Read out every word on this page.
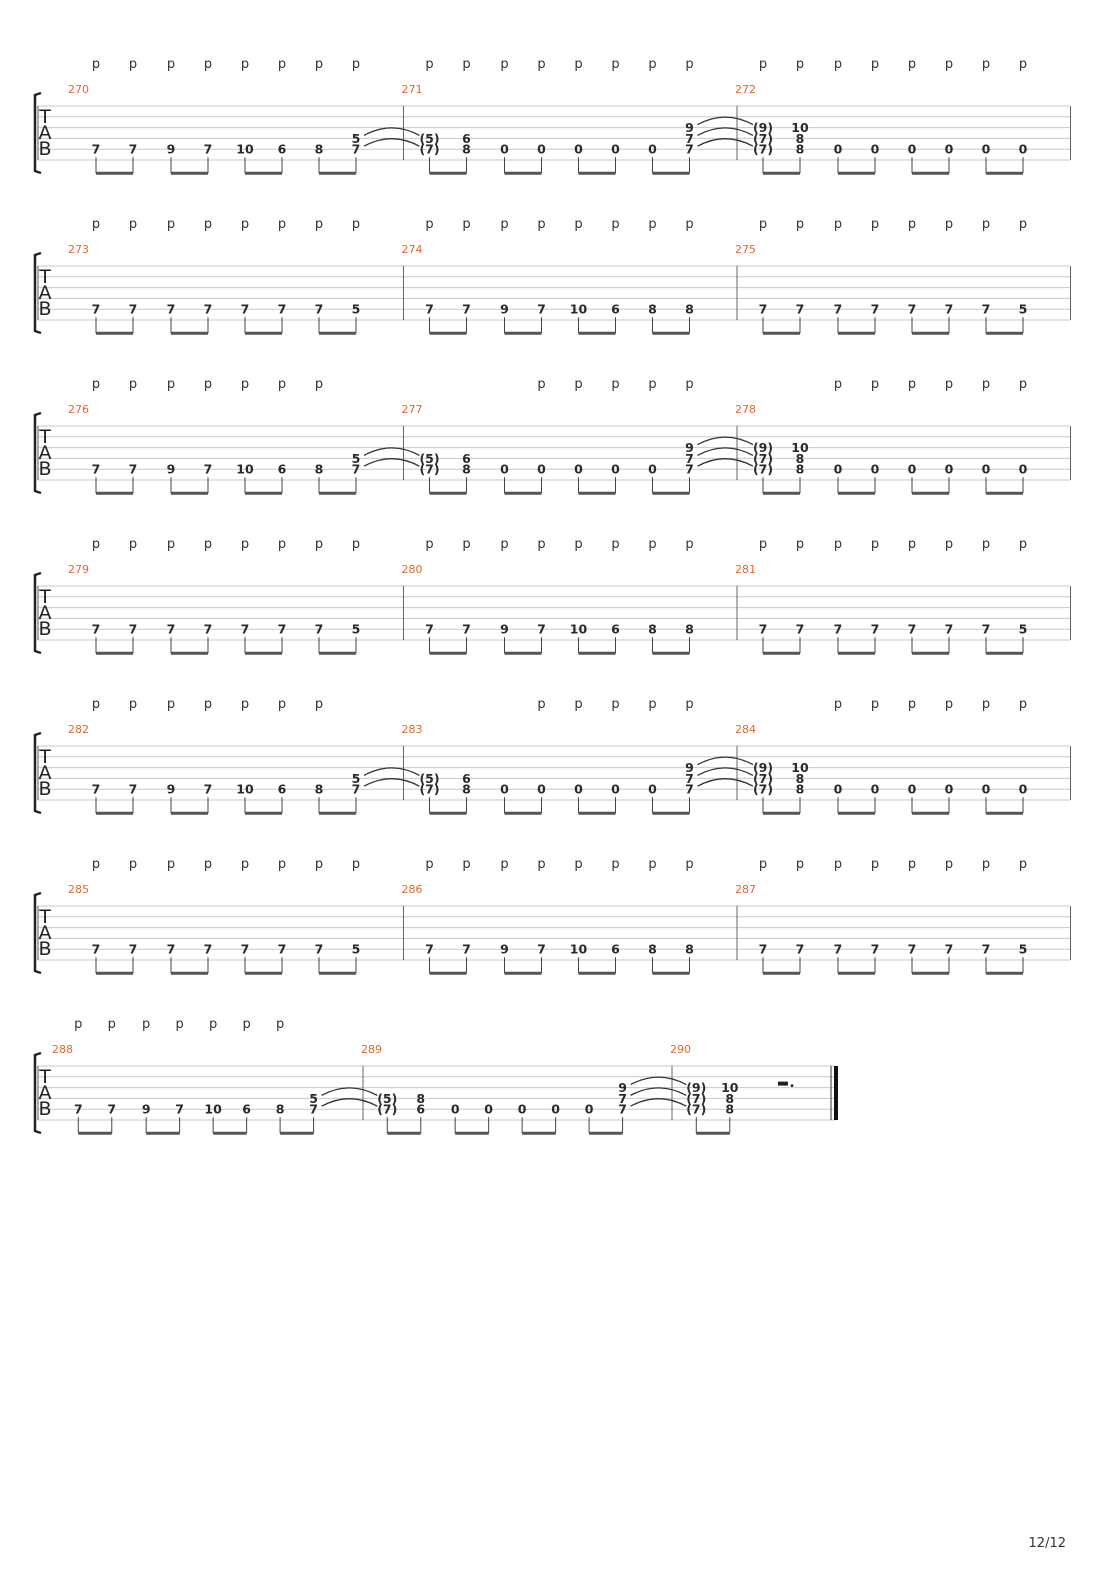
T
A
B
270
7 7 9 7 10 6 8 7
5
271
(7)
(5)
8
6
0 0 0 0 0 7
7
9
272
(7)
(7)
(9)
8
8
10
0 0 0 0 0 0
p p p p p p p p	p p p p p p p p	p p p p p p p p
T
A
B
273
7 7 7 7 7 7 7 5
274
7 7 9 7 10 6 8 8
275
7 7 7 7 7 7 7 5
p p p p p p p p	p p p p p p p p	p p p p p p p p
T
A
B
276
7 7 9 7 10 6 8 7
5
277
(7)
(5)
8
6
0 0 0 0 0 7
7
9
278
(7)
(7)
(9)
8
8
10
0 0 0 0 0 0
p p p p p p p	p p p p p	p p p p p p
T
A
B
279
7 7 7 7 7 7 7 5
280
7 7 9 7 10 6 8 8
281
7 7 7 7 7 7 7 5
p p p p p p p p	p p p p p p p p	p p p p p p p p
T
A
B
282
7 7 9 7 10 6 8 7
5
283
(7)
(5)
8
6
0 0 0 0 0 7
7
9
284
(7)
(7)
(9)
8
8
10
0 0 0 0 0 0
p p p p p p p	p p p p p	p p p p p p
T
A
B
285
7 7 7 7 7 7 7 5
286
7 7 9 7 10 6 8 8
287
7 7 7 7 7 7 7 5
p p p p p p p p	p p p p p p p p	p p p p p p p p
T
A
B
288
7 7 9 7 10 6 8 7
5
289
(7)
(5)
6
8
0 0 0 0 0 7
7
9
290
(7)
(7)
(9)
8
8
10
p p p p p p p
12/12
